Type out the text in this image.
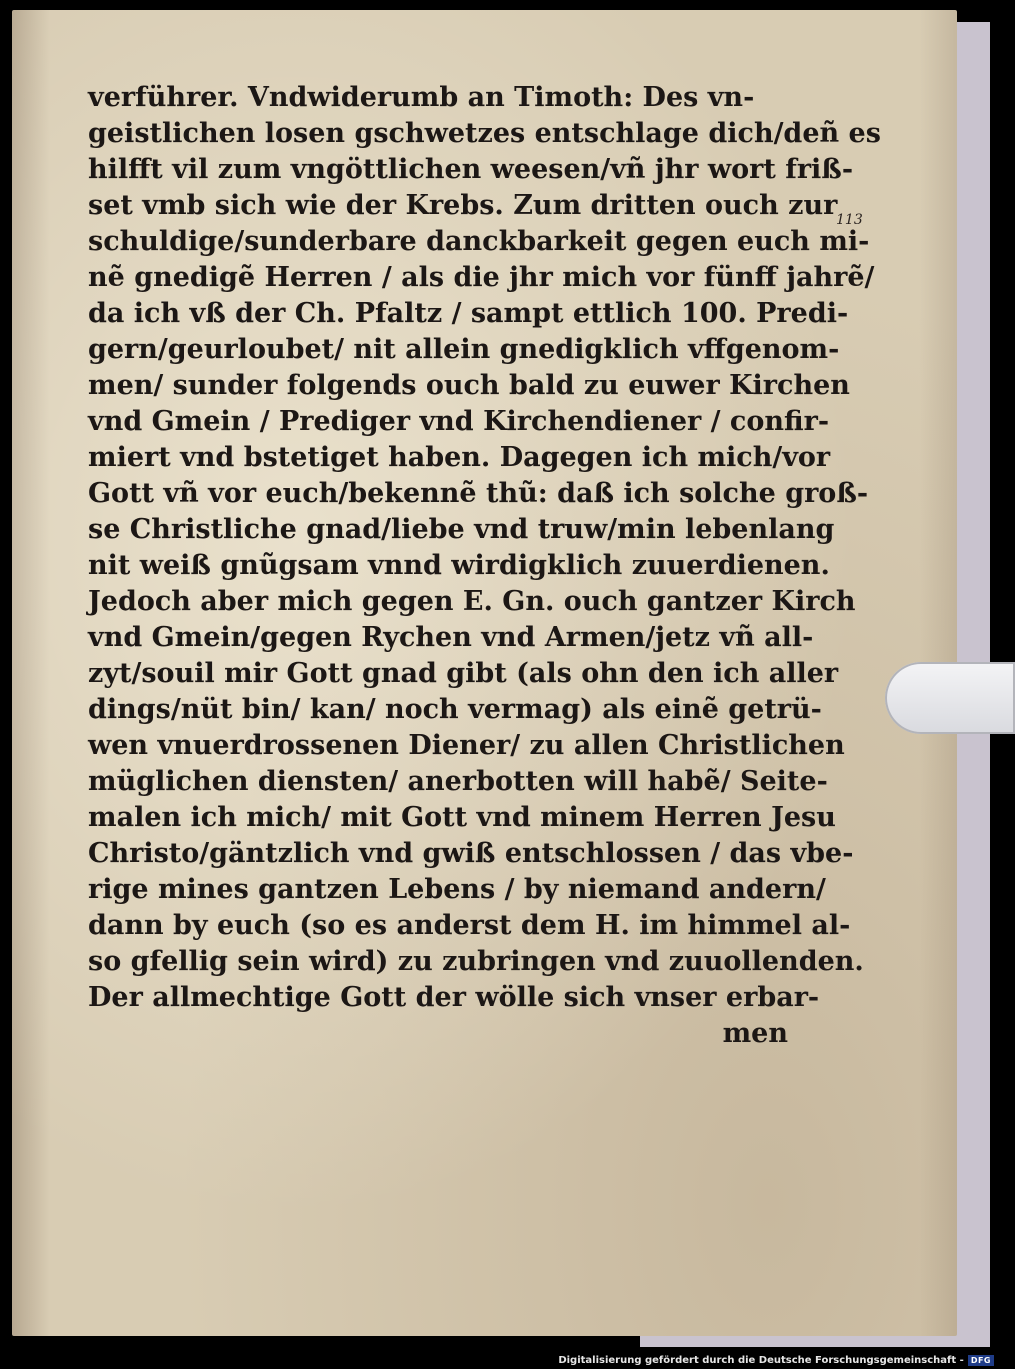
113
verführer. Vndwiderumb an Timoth: Des vn-
geistlichen losen gschwetzes entschlage dich/deñ es
hilfft vil zum vngöttlichen weesen/vñ jhr wort friß-
set vmb sich wie der Krebs. Zum dritten ouch zur
schuldige/sunderbare danckbarkeit gegen euch mi-
nẽ gnedigẽ Herren / als die jhr mich vor fünff jahrẽ/
da ich vß der Ch. Pfaltz / sampt ettlich 100. Predi-
gern/geurloubet/ nit allein gnedigklich vffgenom-
men/ sunder folgends ouch bald zu euwer Kirchen
vnd Gmein / Prediger vnd Kirchendiener / confir-
miert vnd bstetiget haben. Dagegen ich mich/vor
Gott vñ vor euch/bekennẽ thũ: daß ich solche groß-
se Christliche gnad/liebe vnd truw/min lebenlang
nit weiß gnũgsam vnnd wirdigklich zuuerdienen.
Jedoch aber mich gegen E. Gn. ouch gantzer Kirch
vnd Gmein/gegen Rychen vnd Armen/jetz vñ all-
zyt/souil mir Gott gnad gibt (als ohn den ich aller
dings/nüt bin/ kan/ noch vermag) als einẽ getrü-
wen vnuerdrossenen Diener/ zu allen Christlichen
müglichen diensten/ anerbotten will habẽ/ Seite-
malen ich mich/ mit Gott vnd minem Herren Jesu
Christo/gäntzlich vnd gwiß entschlossen / das vbe-
rige mines gantzen Lebens / by niemand andern/
dann by euch (so es anderst dem H. im himmel al-
so gfellig sein wird) zu zubringen vnd zuuollenden.
Der allmechtige Gott der wölle sich vnser erbar-
men
Digitalisierung gefördert durch die Deutsche Forschungsgemeinschaft - DFG
